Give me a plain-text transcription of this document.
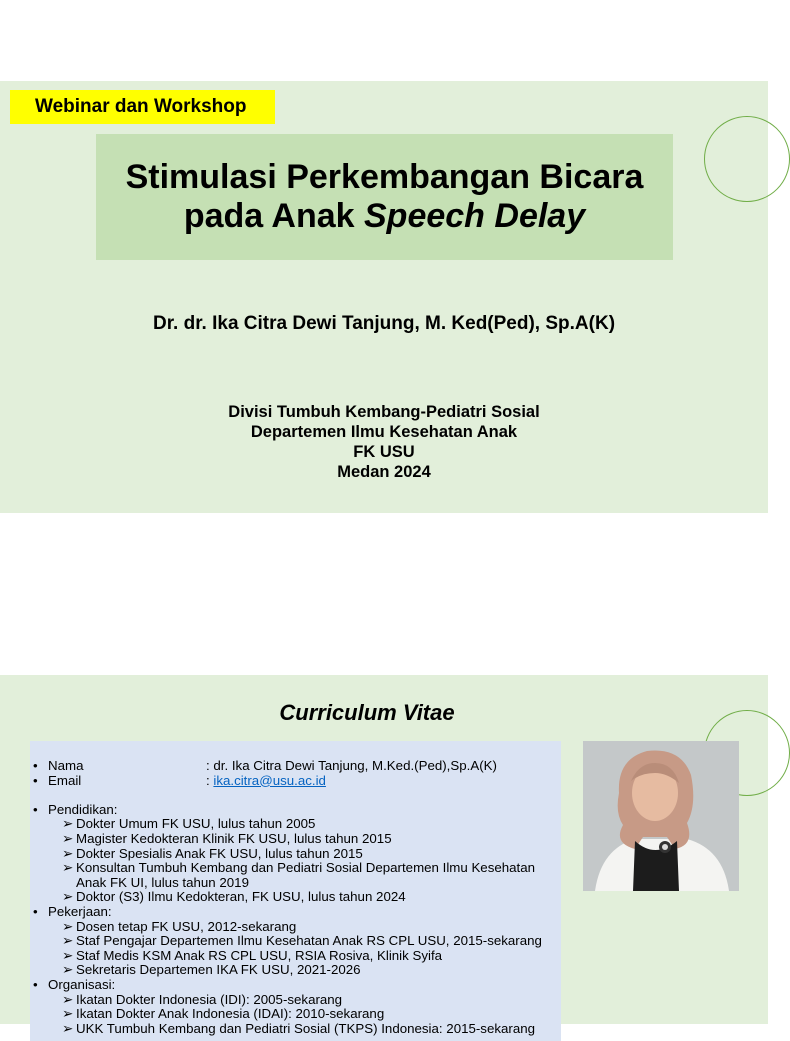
Webinar dan Workshop
Stimulasi Perkembangan Bicara
pada Anak Speech Delay
Dr. dr. Ika Citra Dewi Tanjung, M. Ked(Ped), Sp.A(K)
Divisi Tumbuh Kembang-Pediatri Sosial
Departemen Ilmu Kesehatan Anak
FK USU
Medan 2024
Curriculum Vitae
• Nama	: dr. Ika Citra Dewi Tanjung, M.Ked.(Ped),Sp.A(K)
• Email	: ika.citra@usu.ac.id
• Pendidikan:
➢ Dokter Umum FK USU, lulus tahun 2005
➢ Magister Kedokteran Klinik FK USU, lulus tahun 2015
➢ Dokter Spesialis Anak FK USU, lulus tahun 2015
➢ Konsultan Tumbuh Kembang dan Pediatri Sosial Departemen Ilmu Kesehatan
Anak FK UI, lulus tahun 2019
➢ Doktor (S3) Ilmu Kedokteran, FK USU, lulus tahun 2024
• Pekerjaan:
➢ Dosen tetap FK USU, 2012-sekarang
➢ Staf Pengajar Departemen Ilmu Kesehatan Anak RS CPL USU, 2015-sekarang
➢ Staf Medis KSM Anak RS CPL USU, RSIA Rosiva, Klinik Syifa
➢ Sekretaris Departemen IKA FK USU, 2021-2026
• Organisasi:
➢ Ikatan Dokter Indonesia (IDI): 2005-sekarang
➢ Ikatan Dokter Anak Indonesia (IDAI): 2010-sekarang
➢ UKK Tumbuh Kembang dan Pediatri Sosial (TKPS) Indonesia: 2015-sekarang
